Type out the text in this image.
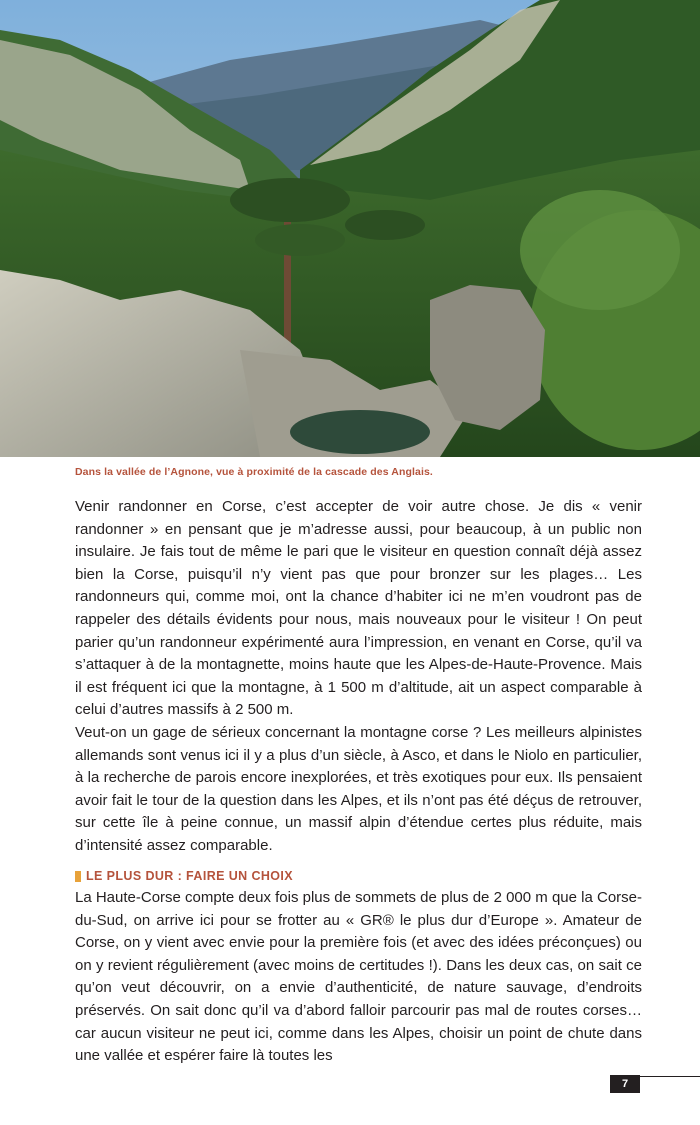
Dans la vallée de l’Agnone, vue à proximité de la cascade des Anglais.

Venir randonner en Corse, c’est accepter de voir autre chose. Je dis « venir randonner » en pensant que je m’adresse aussi, pour beaucoup, à un public non insulaire. Je fais tout de même le pari que le visiteur en question connaît déjà assez bien la Corse, puisqu’il n’y vient pas que pour bronzer sur les plages… Les randonneurs qui, comme moi, ont la chance d’habiter ici ne m’en voudront pas de rappeler des détails évidents pour nous, mais nouveaux pour le visiteur ! On peut parier qu’un randonneur expérimenté aura l’impression, en venant en Corse, qu’il va s’attaquer à de la montagnette, moins haute que les Alpes-de-Haute-Provence. Mais il est fréquent ici que la montagne, à 1 500 m d’altitude, ait un aspect comparable à celui d’autres massifs à 2 500 m.

Veut-on un gage de sérieux concernant la montagne corse ? Les meilleurs alpinistes allemands sont venus ici il y a plus d’un siècle, à Asco, et dans le Niolo en particulier, à la recherche de parois encore inexplorées, et très exotiques pour eux. Ils pensaient avoir fait le tour de la question dans les Alpes, et ils n’ont pas été déçus de retrouver, sur cette île à peine connue, un massif alpin d’étendue certes plus réduite, mais d’intensité assez comparable.

LE PLUS DUR : FAIRE UN CHOIX

La Haute-Corse compte deux fois plus de sommets de plus de 2 000 m que la Corse-du-Sud, on arrive ici pour se frotter au « GR® le plus dur d’Europe ». Amateur de Corse, on y vient avec envie pour la première fois (et avec des idées préconçues) ou on y revient régulièrement (avec moins de certitudes !). Dans les deux cas, on sait ce qu’on veut découvrir, on a envie d’authenticité, de nature sauvage, d’endroits préservés. On sait donc qu’il va d’abord falloir parcourir pas mal de routes corses… car aucun visiteur ne peut ici, comme dans les Alpes, choisir un point de chute dans une vallée et espérer faire là toutes les

7
